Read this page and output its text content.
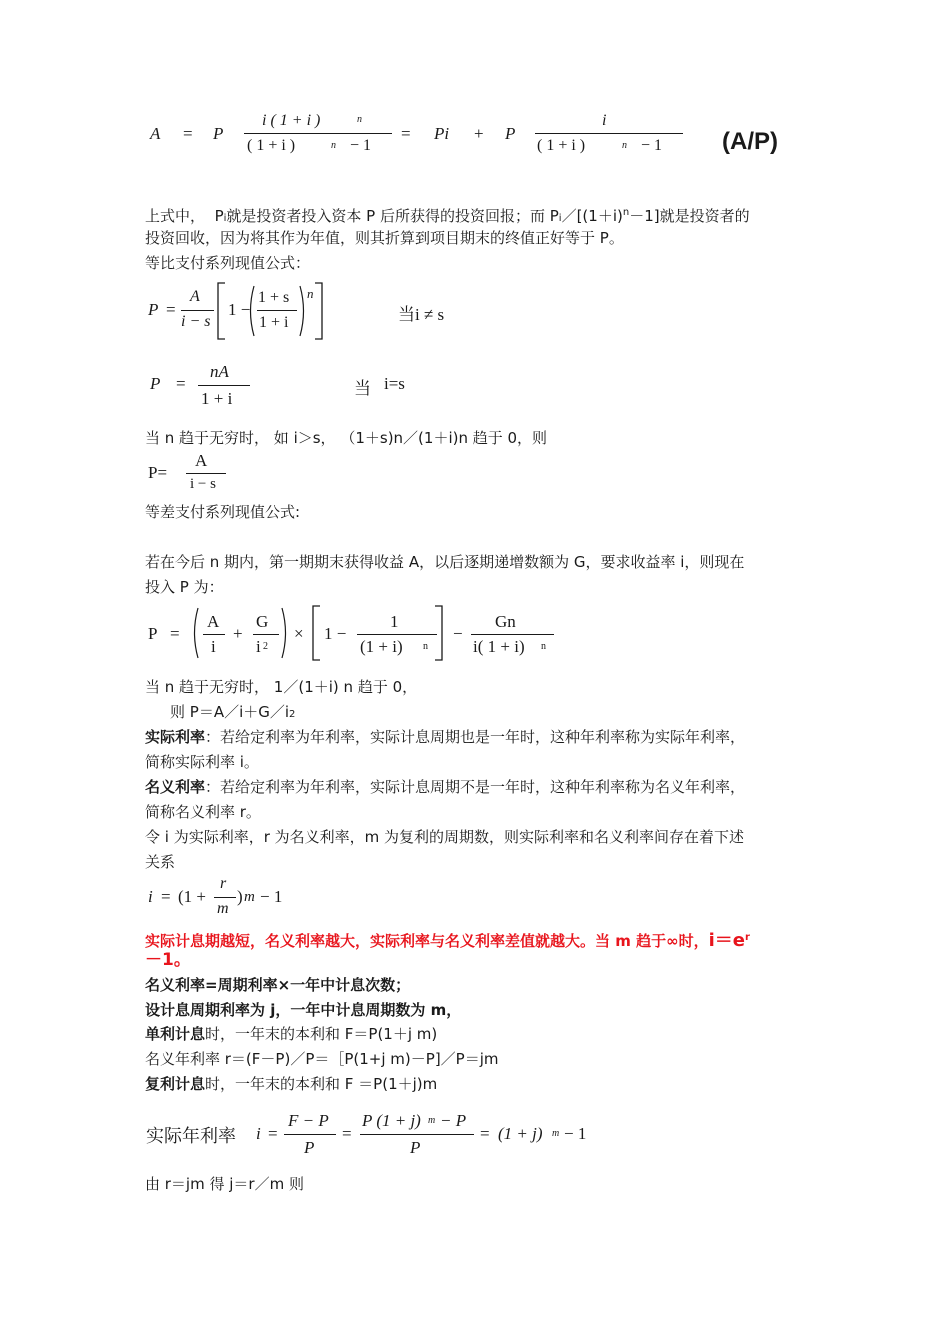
A = P
i ( 1 + i )	n
( 1 + i )	n − 1
= Pi + P
i
( 1 + i )	n − 1 (A/P)
上式中， Pi就是投资者投入资本 P 后所获得的投资回报；而 $Pi/[(1+i)^n-1]$就是投资者的
投资回收，因为将其作为年值，则其折算到项目期末的终值正好等于 P。
等比支付系列现值公式：
P =
A
i − s
1 −
1 + s
1 + i
n
当i ≠ s
P =
nA
1 + i
当 i=s
当 n 趋于无穷时， 如 i＞s， （1＋s)n／(1＋i)n 趋于 0，则
P=
A
i − s
等差支付系列现值公式:
若在今后 n 期内，第一期期末获得收益 A，以后逐期递增数额为 G，要求收益率 i，则现在
投入 P 为：
P =
A
i
+
G
i 2
× 1 −
1
(1 + i) n
−
Gn
i( 1 + i) n
当 n 趋于无穷时， 1／(1＋i) n 趋于 0，
则 P＝A／i＋G／i2
实际利率：若给定利率为年利率，实际计息周期也是一年时，这种年利率称为实际年利率，
简称实际利率 i。
名义利率：若给定利率为年利率，实际计息周期不是一年时，这种年利率称为名义年利率，
简称名义利率 r。
令 i 为实际利率，r 为名义利率，m 为复利的周期数，则实际利率和名义利率间存在着下述
关系
i = (1 +
r
m
) m − 1
实际计息期越短，名义利率越大，实际利率与名义利率差值就越大。当 m 趋于∞时，$i=e^r$
－1。
名义利率=周期利率×一年中计息次数；
设计息周期利率为 j，一年中计息周期数为 m，
单利计息时，一年末的本利和 F＝P(1＋j m)
名义年利率 r＝(F－P)／P＝［P(1+j m)－P]／P＝jm
复利计息时，一年末的本利和 F ＝P(1＋j)m
实际年利率 i =
F − P
P
=
P (1 + j) m − P
P
= (1 + j) m − 1
由 r＝jm 得 j＝r／m 则
